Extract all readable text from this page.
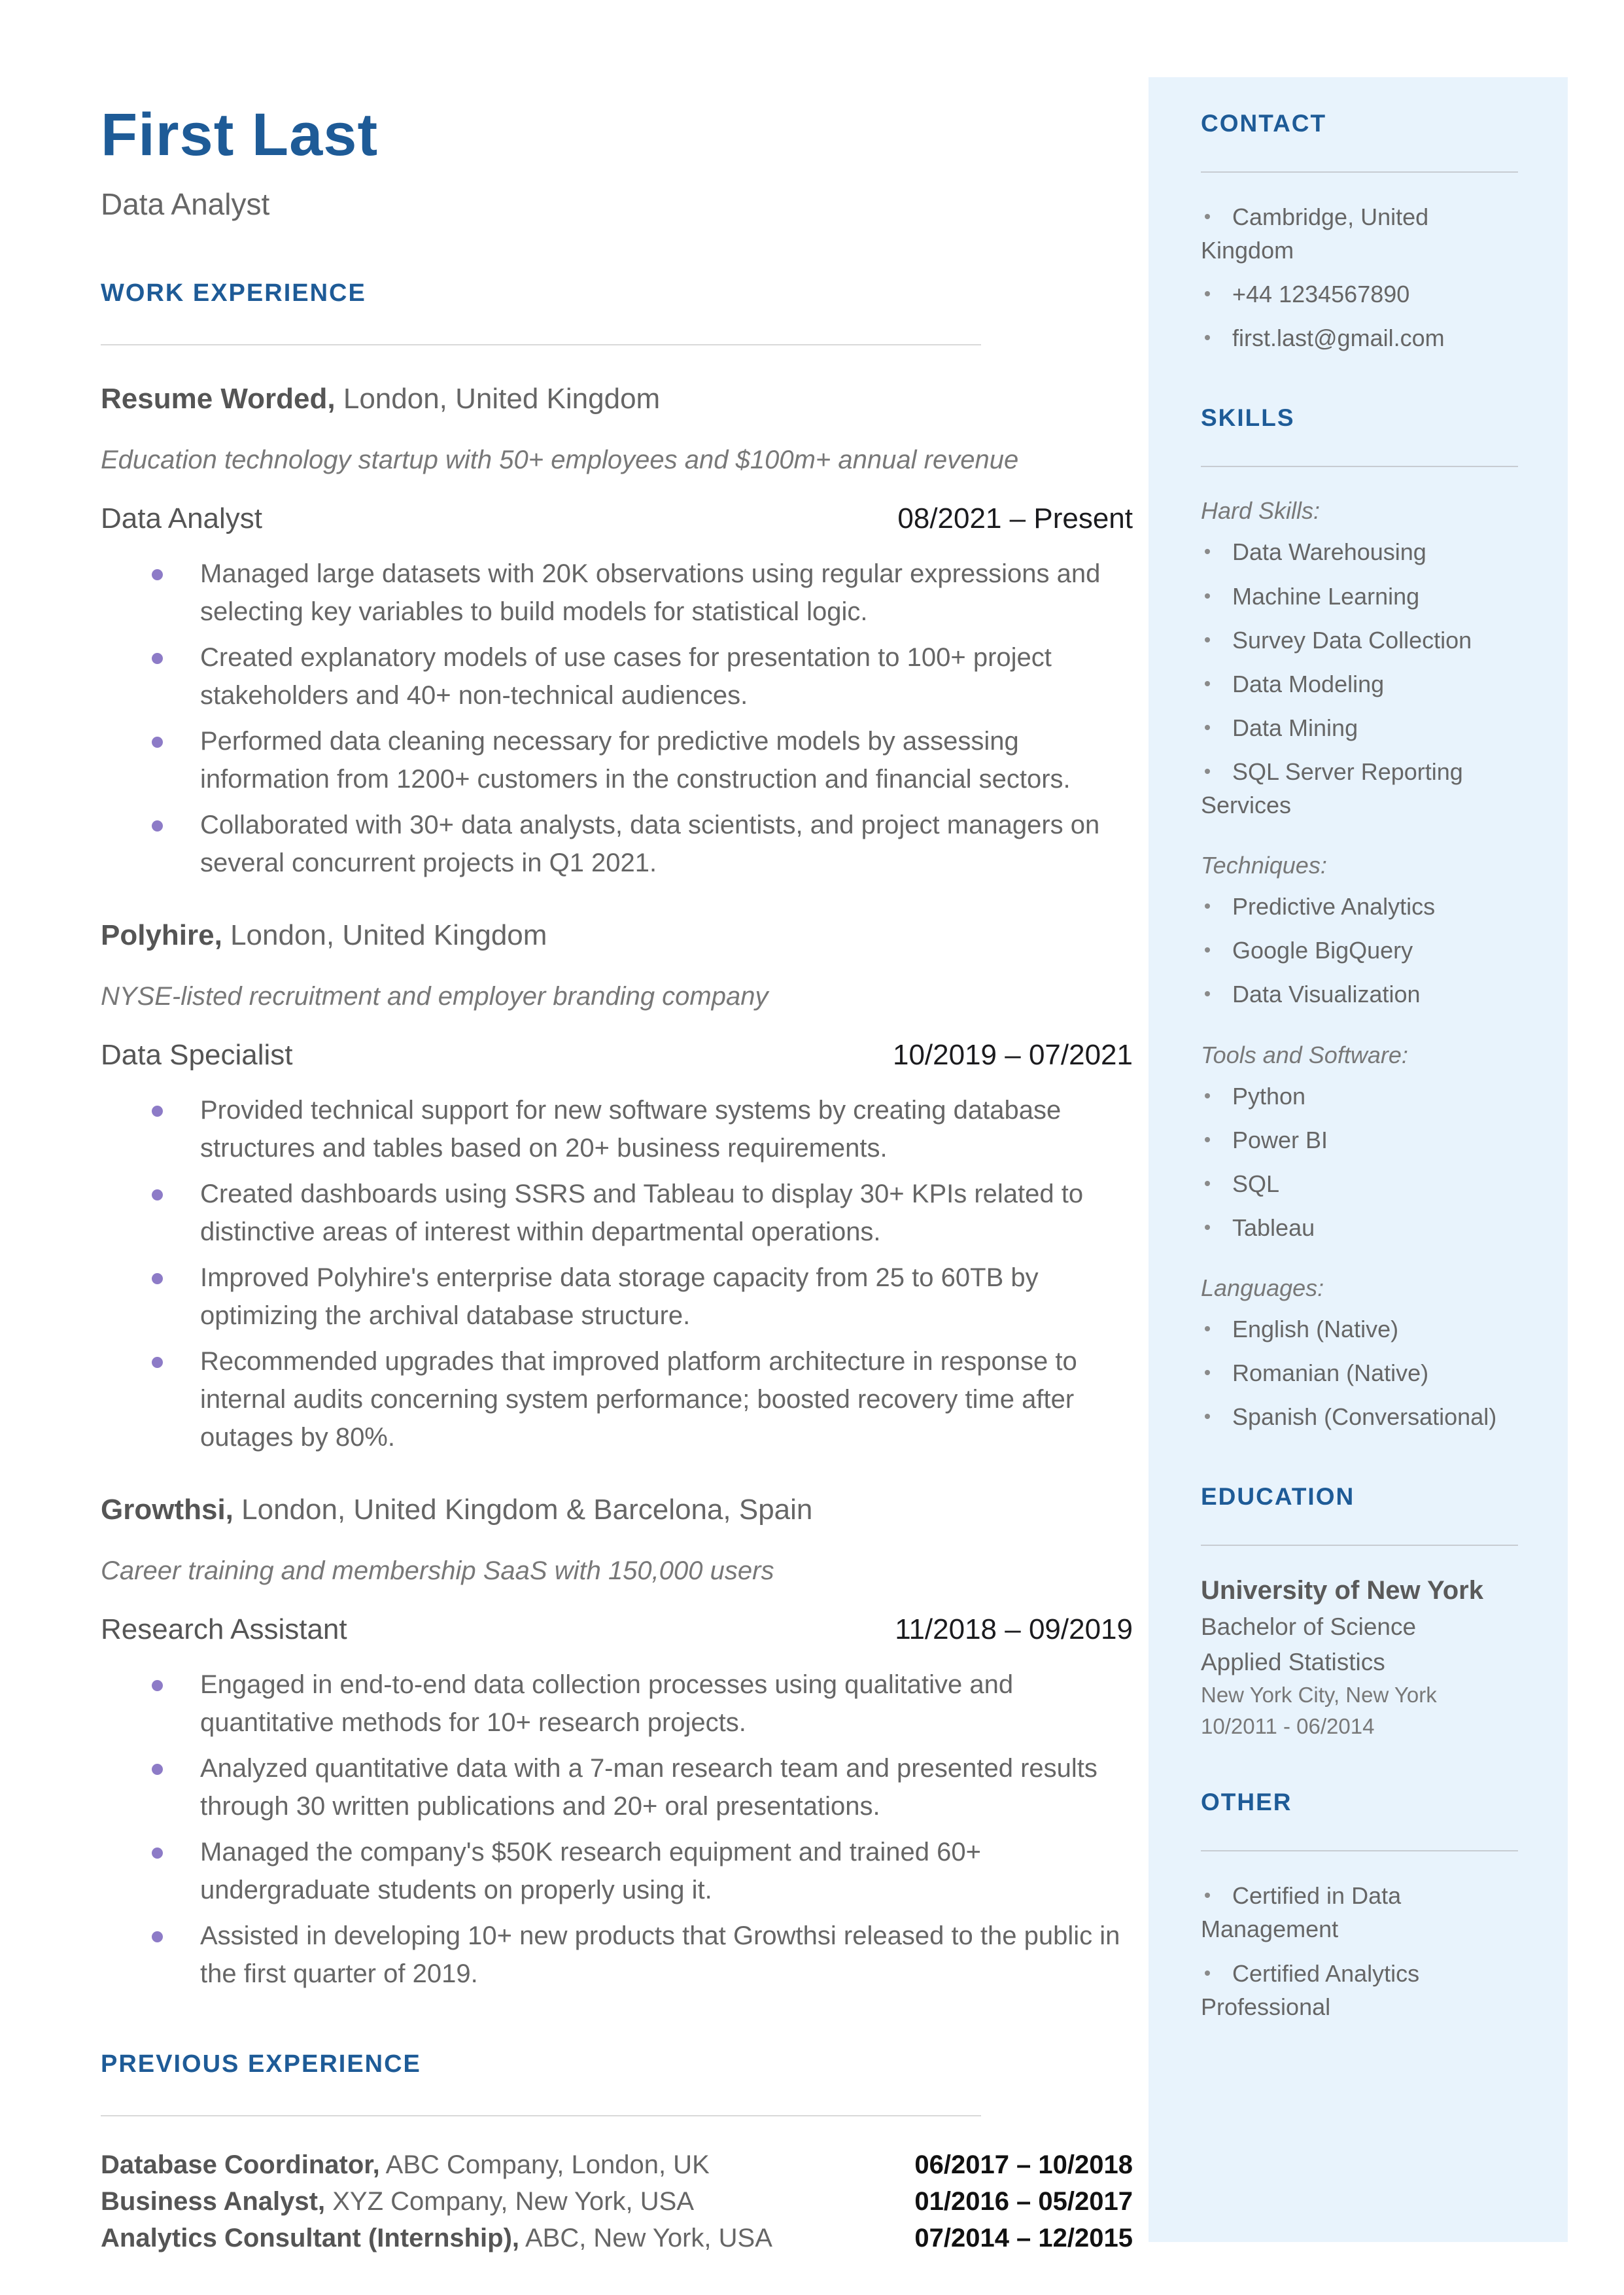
First Last

Data Analyst

WORK EXPERIENCE

Resume Worded, London, United Kingdom

Education technology startup with 50+ employees and $100m+ annual revenue

Data Analyst	08/2021 – Present
Managed large datasets with 20K observations using regular expressions and selecting key variables to build models for statistical logic.
Created explanatory models of use cases for presentation to 100+ project stakeholders and 40+ non-technical audiences.
Performed data cleaning necessary for predictive models by assessing information from 1200+ customers in the construction and financial sectors.
Collaborated with 30+ data analysts, data scientists, and project managers on several concurrent projects in Q1 2021.

Polyhire, London, United Kingdom

NYSE-listed recruitment and employer branding company

Data Specialist	10/2019 – 07/2021
Provided technical support for new software systems by creating database structures and tables based on 20+ business requirements.
Created dashboards using SSRS and Tableau to display 30+ KPIs related to distinctive areas of interest within departmental operations.
Improved Polyhire's enterprise data storage capacity from 25 to 60TB by optimizing the archival database structure.
Recommended upgrades that improved platform architecture in response to internal audits concerning system performance; boosted recovery time after outages by 80%.

Growthsi, London, United Kingdom & Barcelona, Spain

Career training and membership SaaS with 150,000 users

Research Assistant	11/2018 – 09/2019
Engaged in end-to-end data collection processes using qualitative and quantitative methods for 10+ research projects.
Analyzed quantitative data with a 7-man research team and presented results through 30 written publications and 20+ oral presentations.
Managed the company's $50K research equipment and trained 60+ undergraduate students on properly using it.
Assisted in developing 10+ new products that Growthsi released to the public in the first quarter of 2019.
PREVIOUS EXPERIENCE
Database Coordinator, ABC Company, London, UK	06/2017 – 10/2018
Business Analyst, XYZ Company, New York, USA	01/2016 – 05/2017
Analytics Consultant (Internship), ABC, New York, USA	07/2014 – 12/2015
CONTACT
Cambridge, United Kingdom
+44 1234567890
first.last@gmail.com
SKILLS

Hard Skills:

Data Warehousing
Machine Learning
Survey Data Collection
Data Modeling
Data Mining
SQL Server Reporting Services

Techniques:

Predictive Analytics
Google BigQuery
Data Visualization

Tools and Software:

Python
Power BI
SQL
Tableau

Languages:

English (Native)
Romanian (Native)
Spanish (Conversational)
EDUCATION

University of New York

Bachelor of Science

Applied Statistics

New York City, New York

10/2011 - 06/2014

OTHER
Certified in Data Management
Certified Analytics Professional
